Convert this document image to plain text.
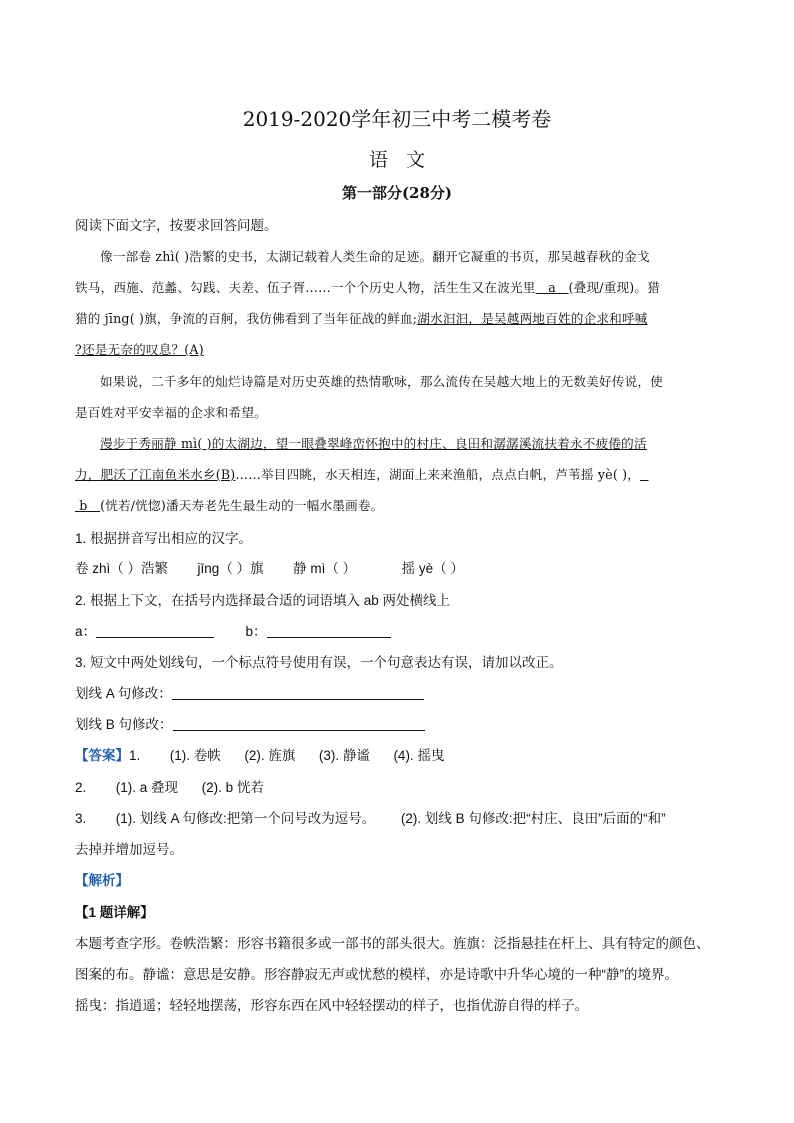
2019-2020学年初三中考二模考卷
语文
第一部分(28分)
阅读下面文字，按要求回答问题。
像一部卷 zhì( )浩繁的史书，太湖记载着人类生命的足迹。翻开它凝重的书页，那吴越春秋的金戈
铁马，西施、范蠡、勾践、夫差、伍子胥……一个个历史人物，活生生又在波光里 a (叠现/重现)。猎
猎的 jīng( )旗，争流的百舸，我仿佛看到了当年征战的鲜血;湖水汩汩，是吴越两地百姓的企求和呼喊
?还是无奈的叹息？(A)
如果说，二千多年的灿烂诗篇是对历史英雄的热情歌咏，那么流传在吴越大地上的无数美好传说，使
是百姓对平安幸福的企求和希望。
漫步于秀丽静 mì( )的太湖边，望一眼叠翠峰峦怀抱中的村庄、良田和潺潺溪流扶着永不疲倦的活
力，肥沃了江南鱼米水乡(B)……举目四眺，水天相连，湖面上来来渔船，点点白帆，芦苇摇 yè( )，
b (恍若/恍惚)潘天寿老先生最生动的一幅水墨画卷。
1. 根据拼音写出相应的汉字。
卷 zhì（ ）浩繁 jīng（ ）旗 静 mì（ ）	摇 yè（ ）
2. 根据上下文，在括号内选择最合适的词语填入 ab 两处横线上
a：	b：
3. 短文中两处划线句，一个标点符号使用有误，一个句意表达有误，请加以改正。
划线 A 句修改：
划线 B 句修改：
【答案】1. (1). 卷帙 (2). 旌旗 (3). 静谧 (4). 摇曳
2. (1). a 叠现 (2). b 恍若
3. (1). 划线 A 句修改:把第一个问号改为逗号。 (2). 划线 B 句修改:把“村庄、良田”后面的“和”
去掉并增加逗号。
【解析】
【1 题详解】
本题考查字形。卷帙浩繁：形容书籍很多或一部书的部头很大。旌旗：泛指悬挂在杆上、具有特定的颜色、
图案的布。静谧：意思是安静。形容静寂无声或忧愁的模样，亦是诗歌中升华心境的一种“静”的境界。
摇曳：指逍遥；轻轻地摆荡，形容东西在风中轻轻摆动的样子，也指优游自得的样子。
